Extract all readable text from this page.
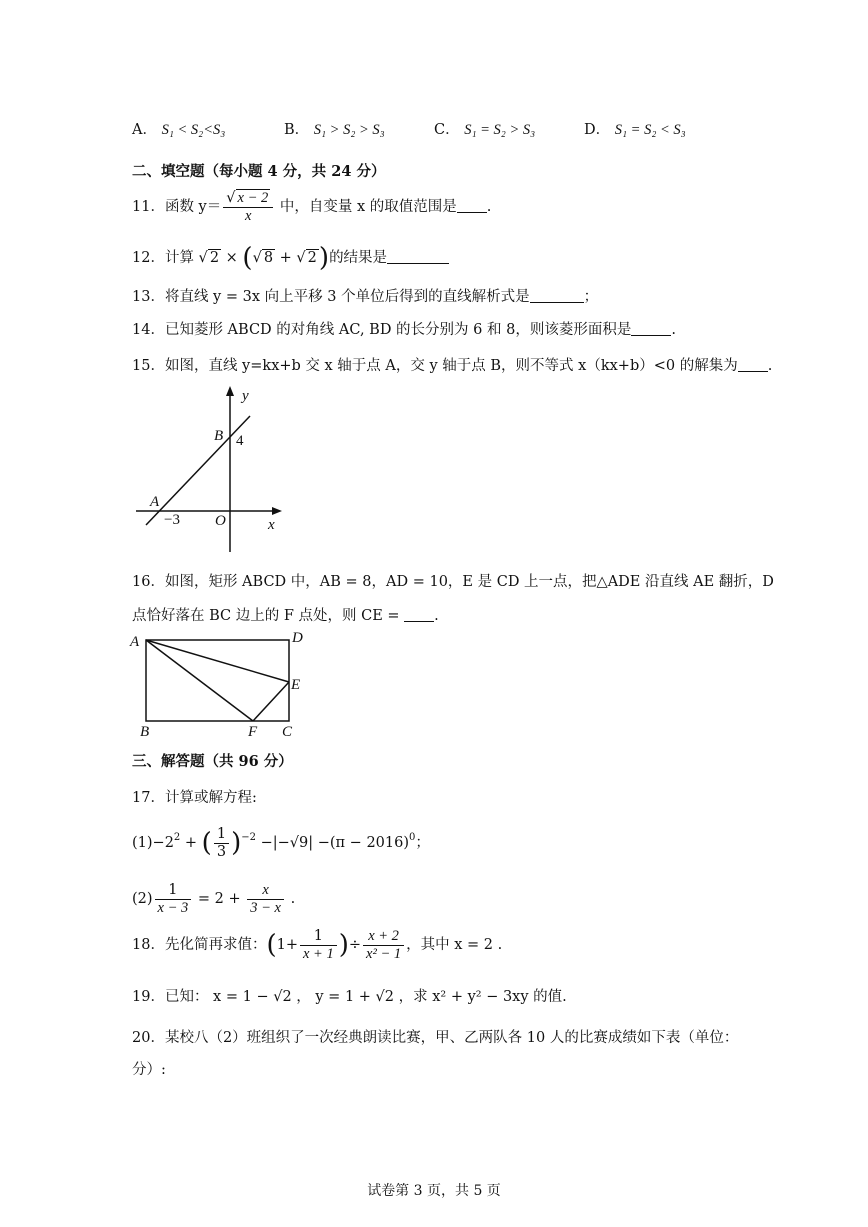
A． S₁ < S₂<S₃	B． S₁ > S₂ > S₃	C． S₁ = S₂ > S₃	D． S₁ = S₂ < S₃
二、填空题（每小题 4 分，共 24 分）
11．函数 $y= \frac{√ x - 2}{x}$ 中，自变量 x 的取值范围是 .
12．计算 √ 2 × (√ 8 + √ 2)的结果是
13．将直线 y = 3x 向上平移 3 个单位后得到的直线解析式是	；
14．已知菱形 ABCD 的对角线 AC, BD 的长分别为 6 和 8，则该菱形面积是	.
15．如图，直线 y=kx+b 交 x 轴于点 A，交 y 轴于点 B，则不等式 x（kx+b）<0 的解集为 .
y
x
B 4
A
−3 O
16．如图，矩形 ABCD 中，AB = 8，AD = 10，E 是 CD 上一点，把△ADE 沿直线 AE 翻折，D
点恰好落在 BC 边上的 F 点处，则 CE = .
A	D
E
B	F C
三、解答题（共 96 分）
17．计算或解方程:
$(1)-2^2$ + ( $\frac{1}{3} )^{-2} -|-√9| -(\pi - 2016)^0$；
$(2) \frac{1}{x - 3} = 2 + \frac{x}{3 - x}$ .
18．先化简再求值：($1+ \frac{1}{x + 1}$ )÷ $\frac{x + 2}{\text{x² − 1}}$ ，其中 x = 2 .
19．已知： x = 1 − √2 ， y = 1 + √2 ，求 x² + y² − 3xy 的值.
20．某校八（2）班组织了一次经典朗读比赛，甲、乙两队各 10 人的比赛成绩如下表（单位：
分）:
试卷第 3 页，共 5 页
